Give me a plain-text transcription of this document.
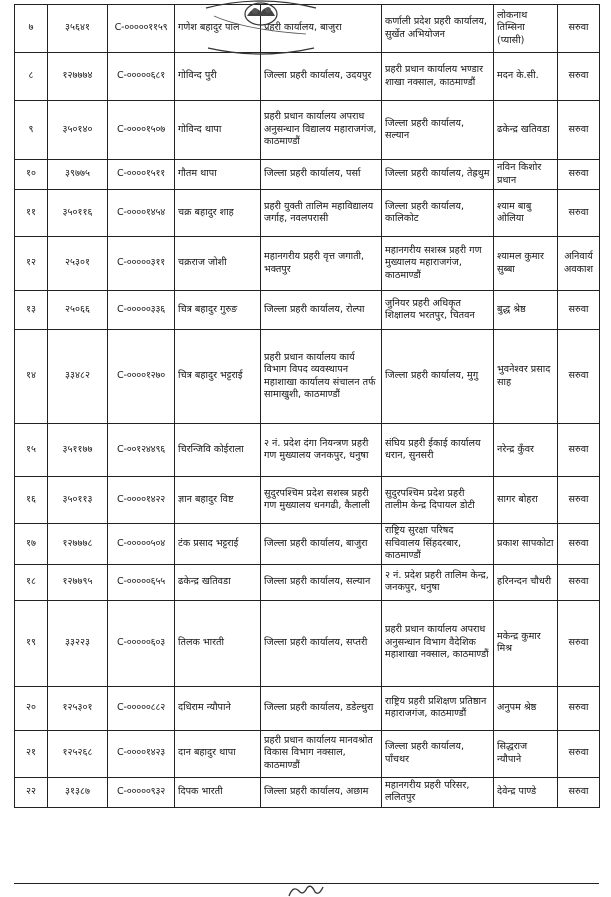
७	३५६४१	C-०००००११५९	गणेश बहादुर पाल	प्रहरी कार्यालय, बाजुरा	कर्णाली प्रदेश प्रहरी कार्यालय, सुर्खेत अभियोजन	लोकनाथ तिम्सिना (प्यासी)	सरुवा
८	१२७७७४	C-०००००६८१	गोविन्द पुरी	जिल्ला प्रहरी कार्यालय, उदयपुर	प्रहरी प्रधान कार्यालय भण्डार शाखा नक्साल, काठमाण्डौं	मदन के.सी.	सरुवा
९	३५०१४०	C-००००१५०७	गोविन्द थापा	प्रहरी प्रधान कार्यालय अपराध अनुसन्धान विद्यालय महाराजगंज, काठमाण्डौं	जिल्ला प्रहरी कार्यालय, सल्यान	ढकेन्द्र खतिवडा	सरुवा
१०	३९७७५	C-००००१५११	गौतम थापा	जिल्ला प्रहरी कार्यालय, पर्सा	जिल्ला प्रहरी कार्यालय, तेह्रथुम	नविन किशोर प्रधान	सरुवा
११	३५०११६	C-००००१४५४	चक्र बहादुर शाह	प्रहरी युक्ती तालिम महाविद्यालय जर्गाह, नवलपरासी	जिल्ला प्रहरी कार्यालय, कालिकोट	श्याम बाबु ओलिया	सरुवा
१२	२५३०१	C-०००००३११	चक्रराज जोशी	महानगरीय प्रहरी वृत्त जगाती, भक्तपुर	महानगरीय सशस्त्र प्रहरी गण मुख्यालय महाराजगंज, काठमाण्डौं	श्यामल कुमार सुब्बा	अनिवार्य अवकाश
१३	२५०६६	C-०००००३३६	चित्र बहादुर गुरुङ	जिल्ला प्रहरी कार्यालय, रोल्पा	जुनियर प्रहरी अधिकृत शिक्षालय भरतपुर, चितवन	बुद्ध श्रेष्ठ	सरुवा
१४	३३४८२	C-००००१२७०	चित्र बहादुर भट्टराई	प्रहरी प्रधान कार्यालय कार्य विभाग विपद व्यवस्थापन महाशाखा कार्यालय संचालन तर्फ सामाखुशी, काठमाण्डौं	जिल्ला प्रहरी कार्यालय, मुगु	भुवनेश्वर प्रसाद साह	सरुवा
१५	३५११७७	C-००१२४४९६	चिरन्जिवि कोईराला	२ नं. प्रदेश दंगा नियन्त्रण प्रहरी गण मुख्यालय जनकपुर, धनुषा	संघिय प्रहरी ईकाई कार्यालय धरान, सुनसरी	नरेन्द्र कुँवर	सरुवा
१६	३५०११३	C-००००१४२२	ज्ञान बहादुर विष्ट	सुदुरपश्चिम प्रदेश सशस्त्र प्रहरी गण मुख्यालय धनगढी, कैलाली	सुदुरपश्चिम प्रदेश प्रहरी तालीम केन्द्र दिपायल डोटी	सागर बोहरा	सरुवा
१७	१२७७७८	C-०००००५०४	टंक प्रसाद भट्टराई	जिल्ला प्रहरी कार्यालय, बाजुरा	राष्ट्रिय सुरक्षा परिषद सचिवालय सिंहदरबार, काठमाण्डौं	प्रकाश सापकोटा	सरुवा
१८	१२७७९५	C-०००००६५५	ढकेन्द्र खतिवडा	जिल्ला प्रहरी कार्यालय, सल्यान	२ नं. प्रदेश प्रहरी तालिम केन्द्र, जनकपुर, धनुषा	हरिनन्दन चौधरी	सरुवा
१९	३३२२३	C-०००००६०३	तिलक भारती	जिल्ला प्रहरी कार्यालय, सप्तरी	प्रहरी प्रधान कार्यालय अपराध अनुसन्धान विभाग वैदेशिक महाशाखा नक्साल, काठमाण्डौं	मकेन्द्र कुमार मिश्र	सरुवा
२०	१२५३०१	C-०००००८८२	दधिराम न्यौपाने	जिल्ला प्रहरी कार्यालय, डडेल्धुरा	राष्ट्रिय प्रहरी प्रशिक्षण प्रतिष्ठान महाराजगंज, काठमाण्डौं	अनुपम श्रेष्ठ	सरुवा
२१	१२५२६८	C-००००१४२३	दान बहादुर थापा	प्रहरी प्रधान कार्यालय मानवश्रोत विकास विभाग नक्साल, काठमाण्डौं	जिल्ला प्रहरी कार्यालय, पाँचथर	सिद्धराज न्यौपाने	सरुवा
२२	३१३८७	C-०००००९३२	दिपक भारती	जिल्ला प्रहरी कार्यालय, अछाम	महानगरीय प्रहरी परिसर, ललितपुर	देवेन्द्र पाण्डे	सरुवा
